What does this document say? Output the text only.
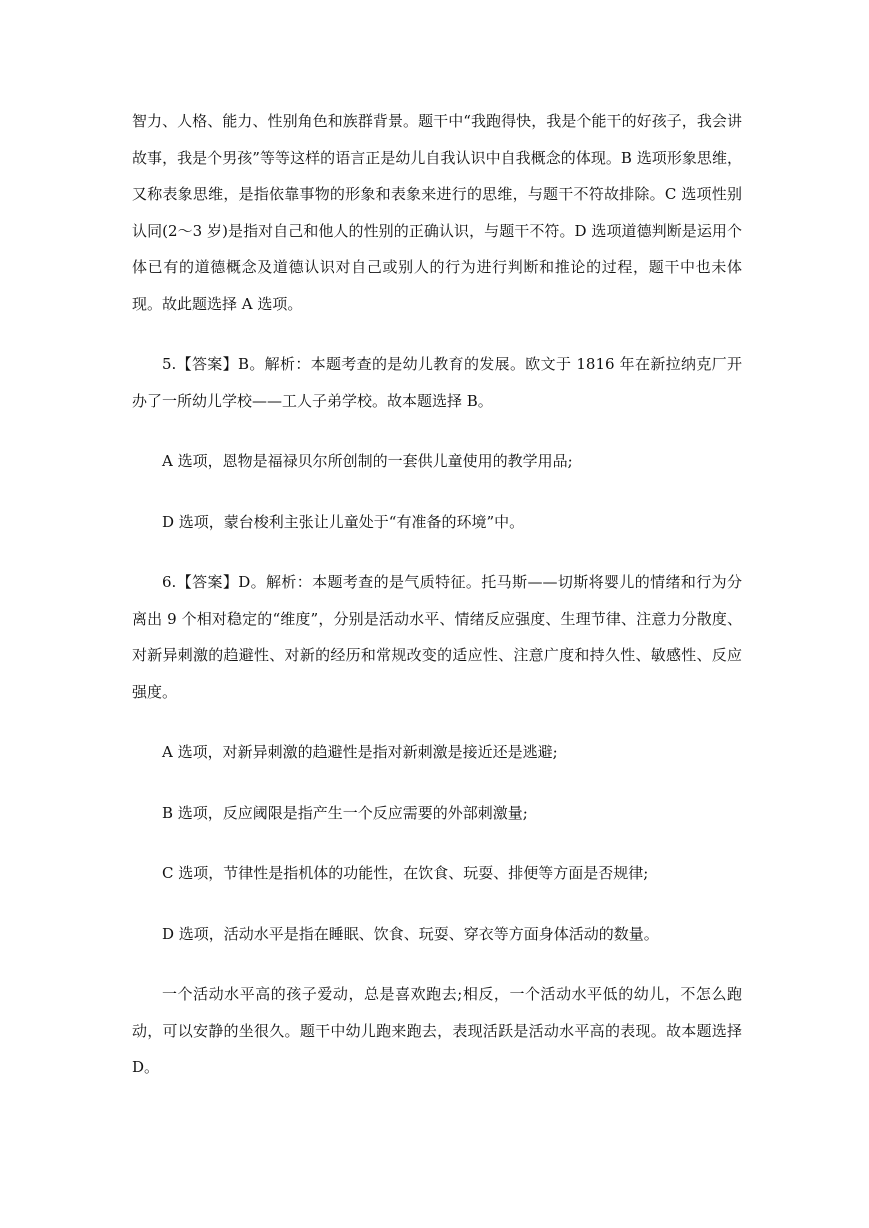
智力、人格、能力、性别角色和族群背景。题干中“我跑得快，我是个能干的好孩子，我会讲故事，我是个男孩”等等这样的语言正是幼儿自我认识中自我概念的体现。B 选项形象思维，又称表象思维，是指依靠事物的形象和表象来进行的思维，与题干不符故排除。C 选项性别认同(2～3 岁)是指对自己和他人的性别的正确认识，与题干不符。D 选项道德判断是运用个体已有的道德概念及道德认识对自己或别人的行为进行判断和推论的过程，题干中也未体现。故此题选择 A 选项。

5.【答案】B。解析：本题考查的是幼儿教育的发展。欧文于 1816 年在新拉纳克厂开办了一所幼儿学校——工人子弟学校。故本题选择 B。

A 选项，恩物是福禄贝尔所创制的一套供儿童使用的教学用品;

D 选项，蒙台梭利主张让儿童处于“有准备的环境”中。

6.【答案】D。解析：本题考查的是气质特征。托马斯——切斯将婴儿的情绪和行为分离出 9 个相对稳定的“维度”，分别是活动水平、情绪反应强度、生理节律、注意力分散度、对新异刺激的趋避性、对新的经历和常规改变的适应性、注意广度和持久性、敏感性、反应强度。

A 选项，对新异刺激的趋避性是指对新刺激是接近还是逃避;

B 选项，反应阈限是指产生一个反应需要的外部刺激量;

C 选项，节律性是指机体的功能性，在饮食、玩耍、排便等方面是否规律;

D 选项，活动水平是指在睡眠、饮食、玩耍、穿衣等方面身体活动的数量。

一个活动水平高的孩子爱动，总是喜欢跑去;相反，一个活动水平低的幼儿，不怎么跑动，可以安静的坐很久。题干中幼儿跑来跑去，表现活跃是活动水平高的表现。故本题选择 D。
